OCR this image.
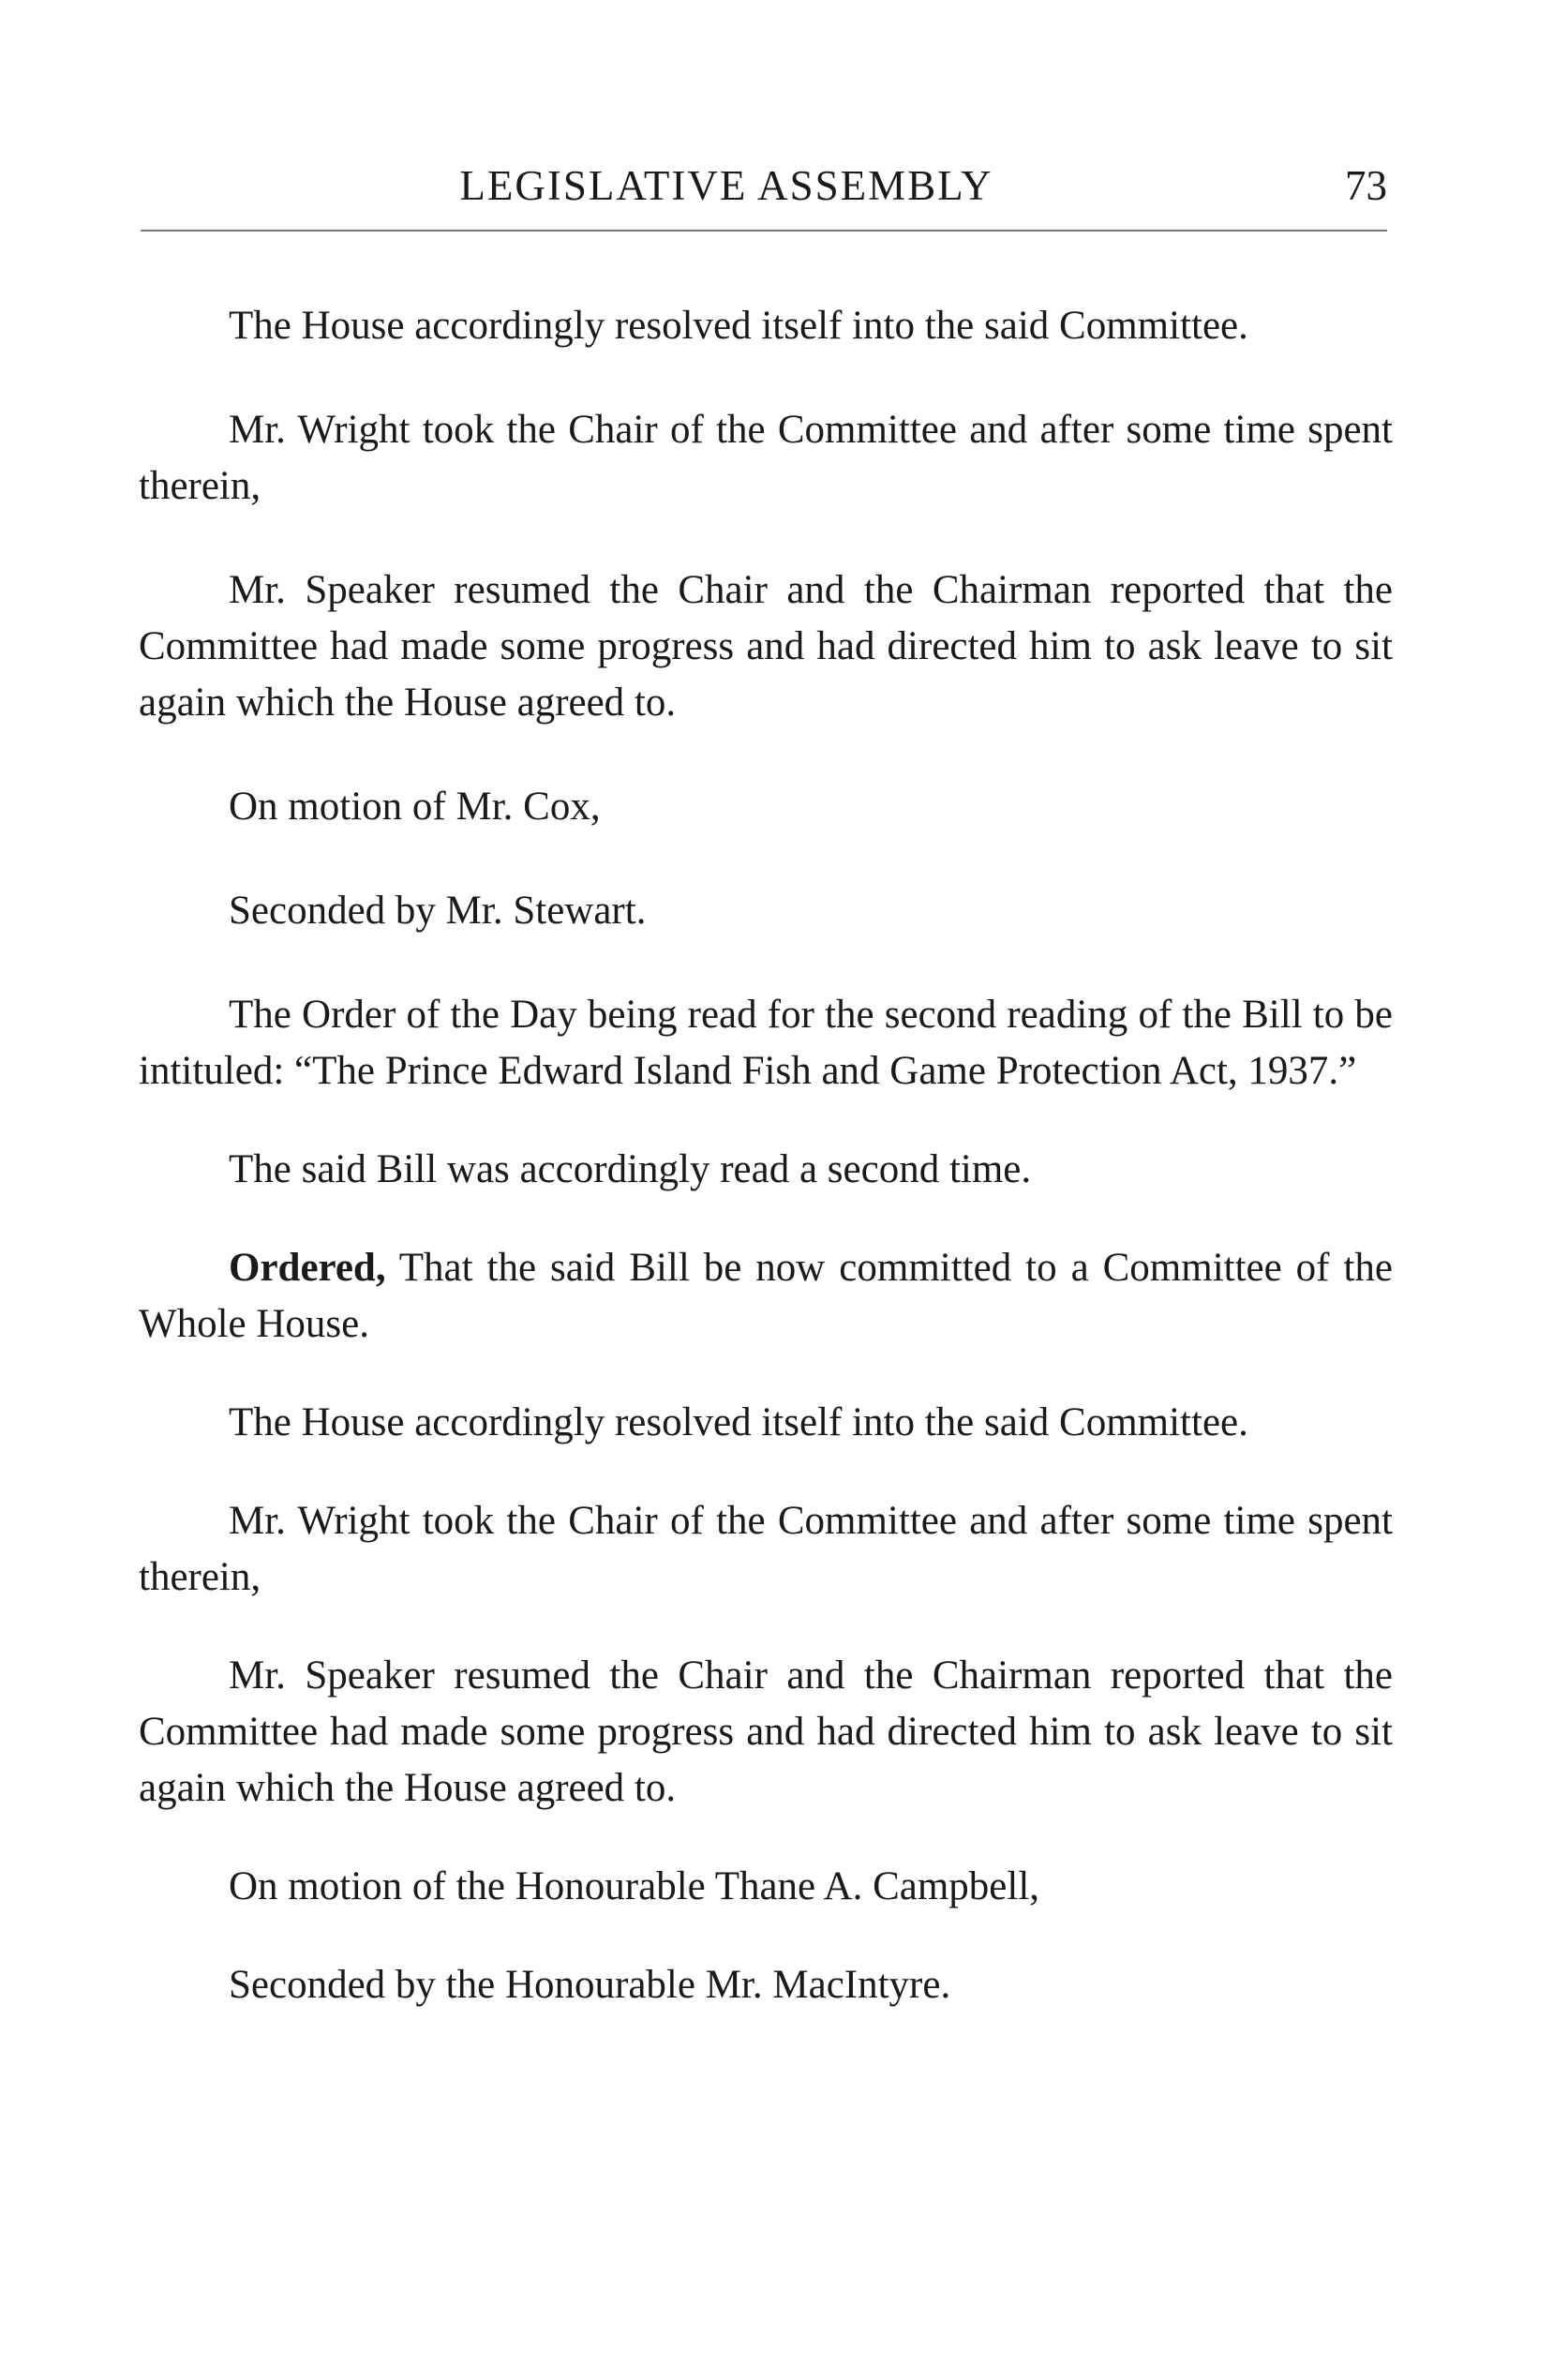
LEGISLATIVE ASSEMBLY	73

The House accordingly resolved itself into the said Committee.

Mr. Wright took the Chair of the Committee and after some time spent therein,

Mr. Speaker resumed the Chair and the Chairman reported that the Committee had made some progress and had directed him to ask leave to sit again which the House agreed to.

On motion of Mr. Cox,

Seconded by Mr. Stewart.

The Order of the Day being read for the second reading of the Bill to be intituled: “The Prince Edward Island Fish and Game Protection Act, 1937.”

The said Bill was accordingly read a second time.

Ordered, That the said Bill be now committed to a Committee of the Whole House.

The House accordingly resolved itself into the said Committee.

Mr. Wright took the Chair of the Committee and after some time spent therein,

Mr. Speaker resumed the Chair and the Chairman reported that the Committee had made some progress and had directed him to ask leave to sit again which the House agreed to.

On motion of the Honourable Thane A. Campbell,

Seconded by the Honourable Mr. MacIntyre.
